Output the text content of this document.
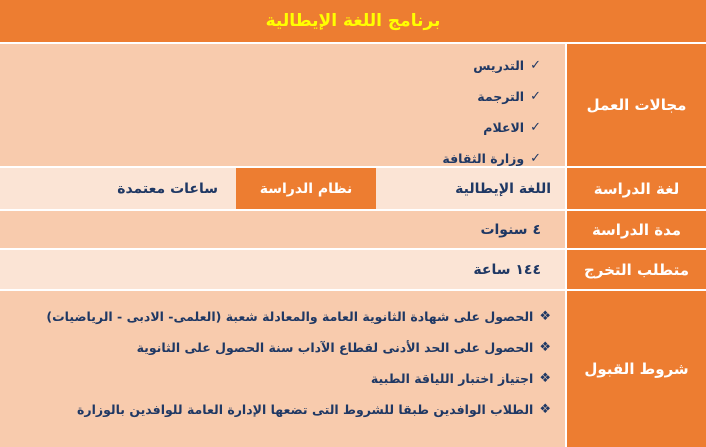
برنامج اللغة الإيطالية
مجالات العمل
✓
التدريس
✓
الترجمة
✓
الاعلام
✓
وزارة الثقافة
لغة الدراسة
اللغة الإيطالية
نظام الدراسة
ساعات معتمدة
مدة الدراسة
٤ سنوات
متطلب التخرج
١٤٤ ساعة
شروط القبول
❖
الحصول على شهادة الثانوية العامة والمعادلة شعبة (العلمى- الادبى - الرياضيات)
❖
الحصول على الحد الأدنى لقطاع الآداب سنة الحصول على الثانوية
❖
اجتياز اختبار اللياقة الطبية
❖
الطلاب الوافدين طبقا للشروط التى تضعها الإدارة العامة للوافدين بالوزارة
